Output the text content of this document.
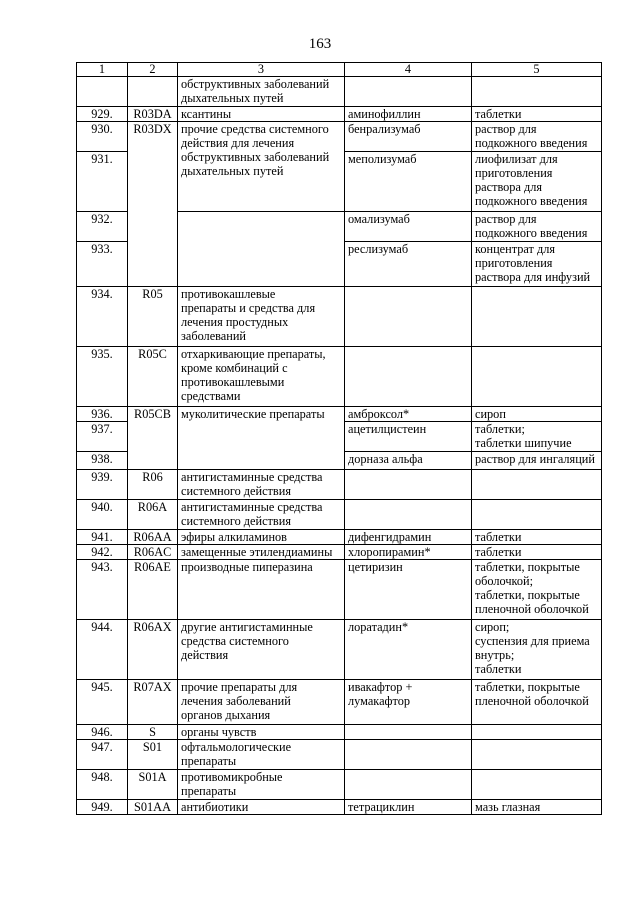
163
1	2	3	4	5

		обструктивных заболеваний
дыхательных путей		

929.	R03DA	ксантины	аминофиллин	таблетки

930.	R03DX	прочие средства системного
действия для лечения
обструктивных заболеваний
дыхательных путей	бенрализумаб	раствор для
подкожного введения

931.			меполизумаб	лиофилизат для
приготовления
раствора для
подкожного введения

932.			омализумаб	раствор для
подкожного введения

933.			реслизумаб	концентрат для
приготовления
раствора для инфузий

934.	R05	противокашлевые
препараты и средства для
лечения простудных
заболеваний		

935.	R05C	отхаркивающие препараты,
кроме комбинаций с
противокашлевыми
средствами		

936.	R05CB	муколитические препараты	амброксол*	сироп

937.			ацетилцистеин	таблетки;
таблетки шипучие

938.			дорназа альфа	раствор для ингаляций

939.	R06	антигистаминные средства
системного действия		

940.	R06A	антигистаминные средства
системного действия		

941.	R06AA	эфиры алкиламинов	дифенгидрамин	таблетки

942.	R06AC	замещенные этилендиамины	хлоропирамин*	таблетки

943.	R06AE	производные пиперазина	цетиризин	таблетки, покрытые
оболочкой;
таблетки, покрытые
пленочной оболочкой

944.	R06AX	другие антигистаминные
средства системного
действия	лоратадин*	сироп;
суспензия для приема
внутрь;
таблетки

945.	R07AX	прочие препараты для
лечения заболеваний
органов дыхания	ивакафтор +
лумакафтор	таблетки, покрытые
пленочной оболочкой

946.	S	органы чувств		

947.	S01	офтальмологические
препараты		

948.	S01A	противомикробные
препараты		

949.	S01AA	антибиотики	тетрациклин	мазь глазная
